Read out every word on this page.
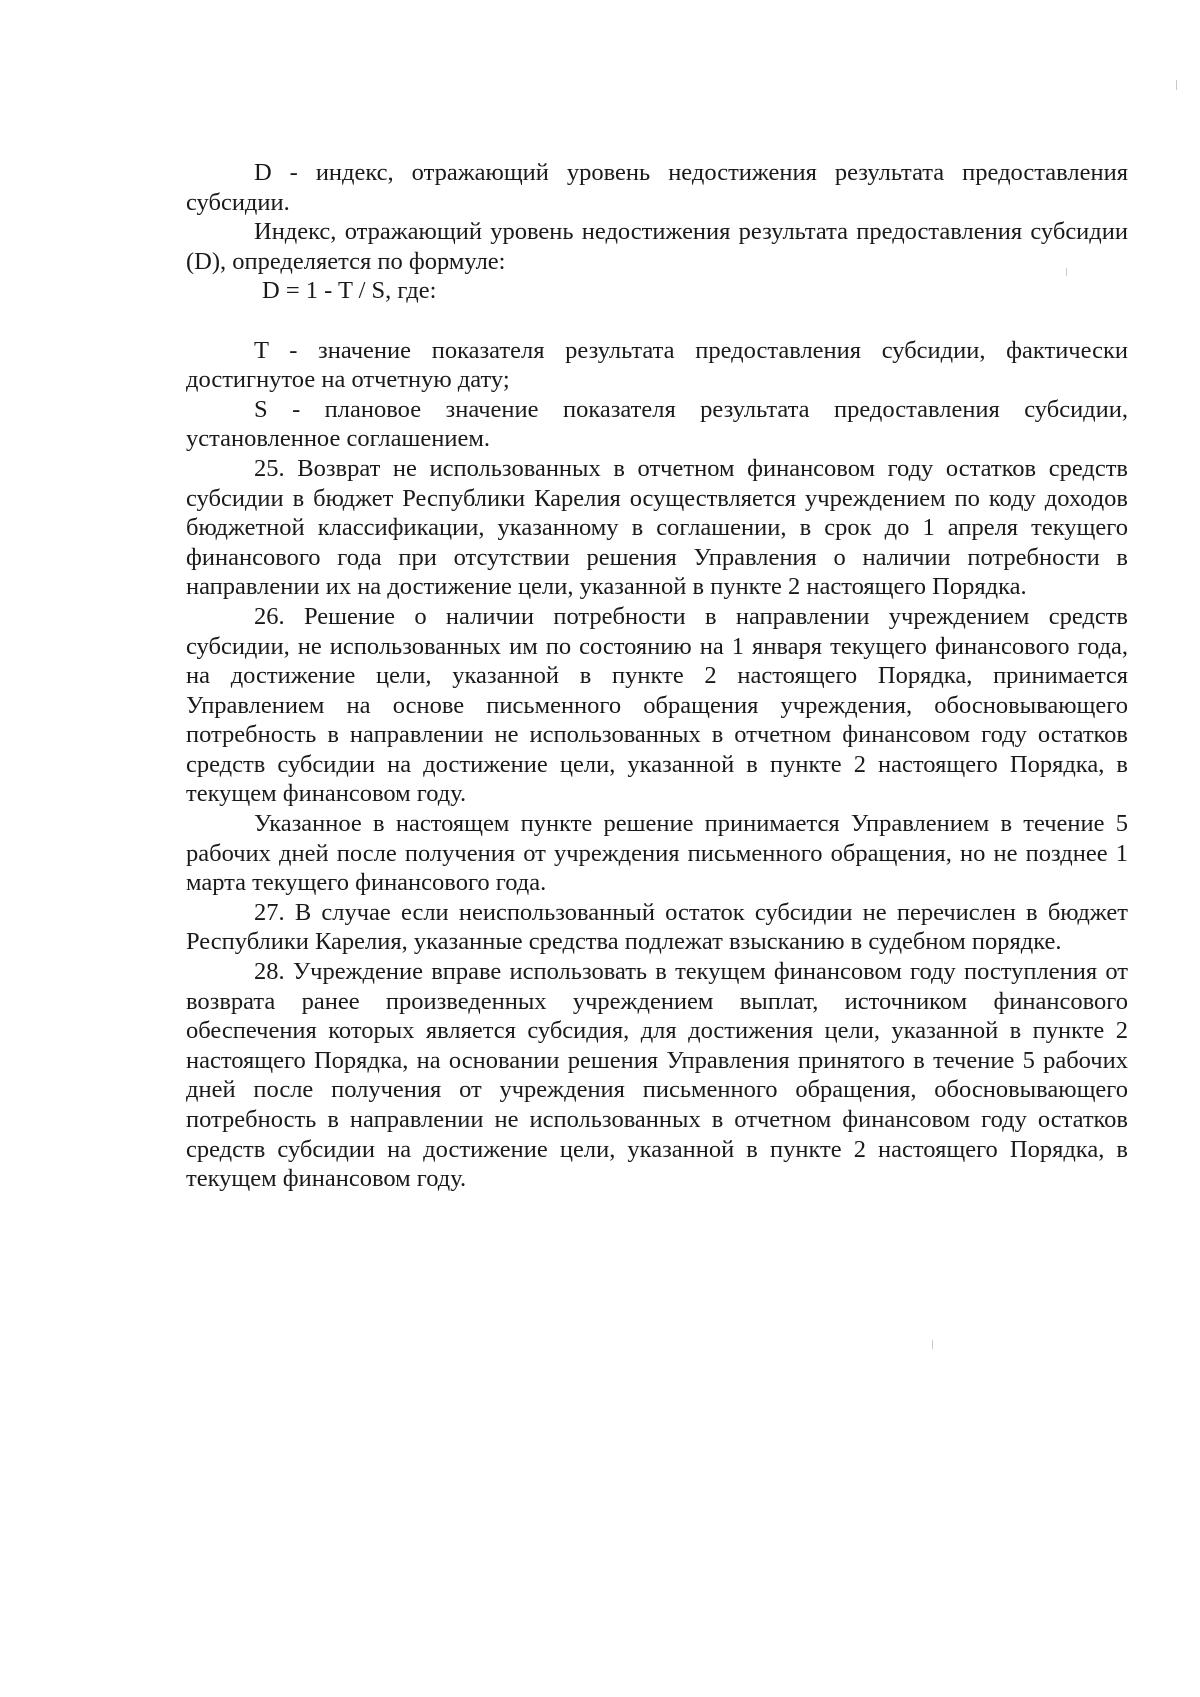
D - индекс, отражающий уровень недостижения результата предоставления субсидии.

Индекс, отражающий уровень недостижения результата предоставления субсидии (D), определяется по формуле:

D = 1 - T / S, где:

T - значение показателя результата предоставления субсидии, фактически достигнутое на отчетную дату;

S - плановое значение показателя результата предоставления субсидии, установленное соглашением.

25. Возврат не использованных в отчетном финансовом году остатков средств субсидии в бюджет Республики Карелия осуществляется учреждением по коду доходов бюджетной классификации, указанному в соглашении, в срок до 1 апреля текущего финансового года при отсутствии решения Управления о наличии потребности в направлении их на достижение цели, указанной в пункте 2 настоящего Порядка.

26. Решение о наличии потребности в направлении учреждением средств субсидии, не использованных им по состоянию на 1 января текущего финансового года, на достижение цели, указанной в пункте 2 настоящего Порядка, принимается Управлением на основе письменного обращения учреждения, обосновывающего потребность в направлении не использованных в отчетном финансовом году остатков средств субсидии на достижение цели, указанной в пункте 2 настоящего Порядка, в текущем финансовом году.

Указанное в настоящем пункте решение принимается Управлением в течение 5 рабочих дней после получения от учреждения письменного обращения, но не позднее 1 марта текущего финансового года.

27. В случае если неиспользованный остаток субсидии не перечислен в бюджет Республики Карелия, указанные средства подлежат взысканию в судебном порядке.

28. Учреждение вправе использовать в текущем финансовом году поступления от возврата ранее произведенных учреждением выплат, источником финансового обеспечения которых является субсидия, для достижения цели, указанной в пункте 2 настоящего Порядка, на основании решения Управления принятого в течение 5 рабочих дней после получения от учреждения письменного обращения, обосновывающего потребность в направлении не использованных в отчетном финансовом году остатков средств субсидии на достижение цели, указанной в пункте 2 настоящего Порядка, в текущем финансовом году.
